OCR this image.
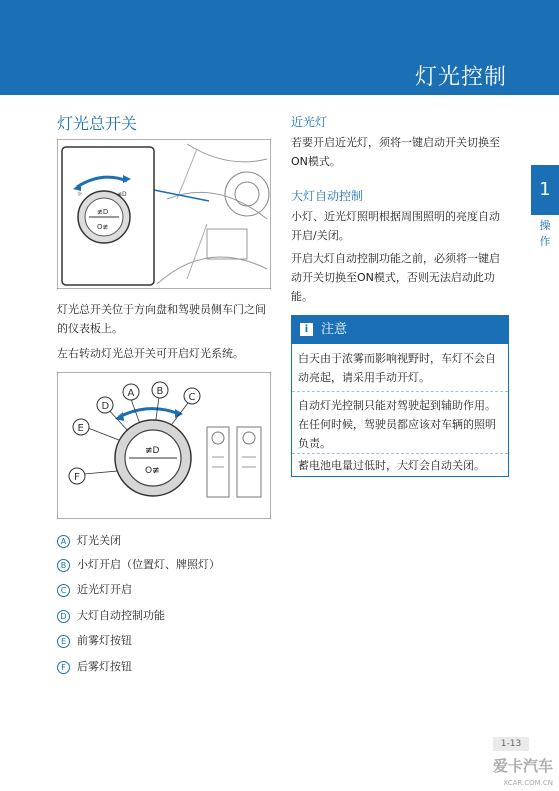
灯光控制
1
操作
灯光总开关
≢D
O≢
☼	≢D
灯光总开关位于方向盘和驾驶员侧车门之间的仪表板上。
左右转动灯光总开关可开启灯光系统。
A B
C
D
E
F
≢D
O≢
A 灯光关闭
B 小灯开启（位置灯、牌照灯）
C 近光灯开启
D 大灯自动控制功能
E 前雾灯按钮
F 后雾灯按钮
近光灯
若要开启近光灯，须将一键启动开关切换至ON模式。
大灯自动控制
小灯、近光灯照明根据周围照明的亮度自动开启/关闭。
开启大灯自动控制功能之前，必须将一键启动开关切换至ON模式，否则无法启动此功能。
i 注意
白天由于浓雾而影响视野时，车灯不会自动亮起，请采用手动开灯。
自动灯光控制只能对驾驶起到辅助作用。在任何时候，驾驶员都应该对车辆的照明负责。
蓄电池电量过低时，大灯会自动关闭。
1-13
爱卡汽车
XCAR.COM.CN
